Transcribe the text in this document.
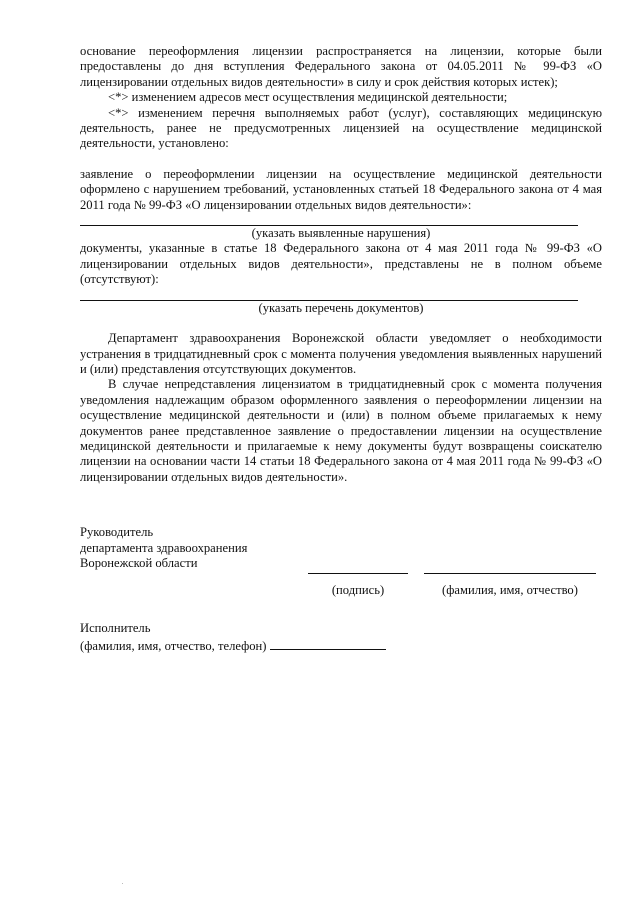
основание переоформления лицензии распространяется на лицензии, которые были предоставлены до дня вступления Федерального закона от 04.05.2011 № 99-ФЗ «О лицензировании отдельных видов деятельности» в силу и срок действия которых истек);

<*> изменением адресов мест осуществления медицинской деятельности;

<*> изменением перечня выполняемых работ (услуг), составляющих медицинскую деятельность, ранее не предусмотренных лицензией на осуществление медицинской деятельности, установлено:

заявление о переоформлении лицензии на осуществление медицинской деятельности оформлено с нарушением требований, установленных статьей 18 Федерального закона от 4 мая 2011 года № 99-ФЗ «О лицензировании отдельных видов деятельности»:

(указать выявленные нарушения)

документы, указанные в статье 18 Федерального закона от 4 мая 2011 года № 99-ФЗ «О лицензировании отдельных видов деятельности», представлены не в полном объеме (отсутствуют):

(указать перечень документов)

Департамент здравоохранения Воронежской области уведомляет о необходимости устранения в тридцатидневный срок с момента получения уведомления выявленных нарушений и (или) представления отсутствующих документов.

В случае непредставления лицензиатом в тридцатидневный срок с момента получения уведомления надлежащим образом оформленного заявления о переоформлении лицензии на осуществление медицинской деятельности и (или) в полном объеме прилагаемых к нему документов ранее представленное заявление о предоставлении лицензии на осуществление медицинской деятельности и прилагаемые к нему документы будут возвращены соискателю лицензии на основании части 14 статьи 18 Федерального закона от 4 мая 2011 года № 99-ФЗ «О лицензировании отдельных видов деятельности».

Руководитель
департамента здравоохранения
Воронежской области
(подпись)	(фамилия, имя, отчество)
Исполнитель
(фамилия, имя, отчество, телефон)
